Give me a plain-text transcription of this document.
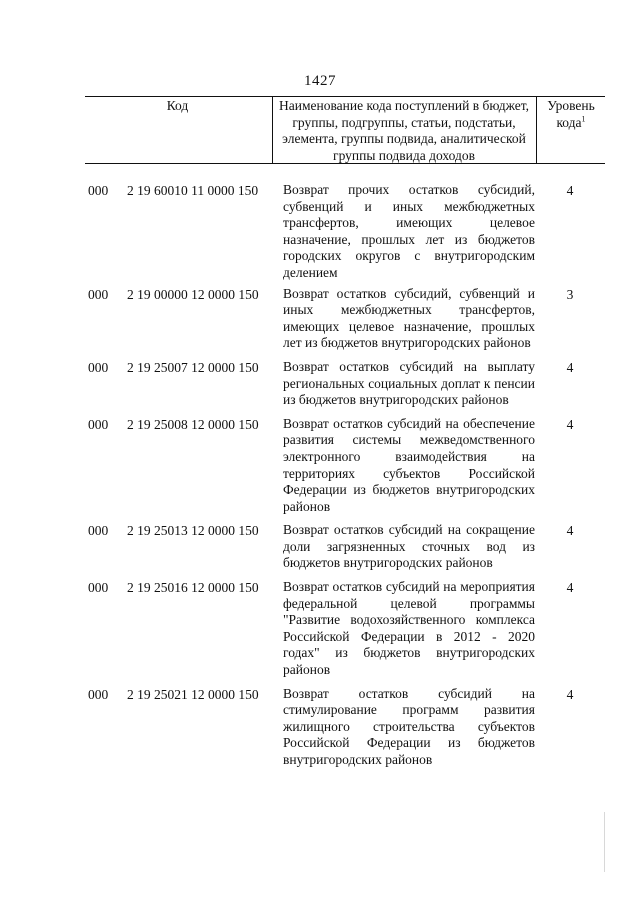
1427
Код	Наименование кода поступлений в бюджет, группы, подгруппы, статьи, подстатьи, элемента, группы подвида, аналитической группы подвида доходов
Уровень кода$^1$
000 2 19 60010 11 0000 150 Возврат прочих остатков субсидий, субвенций и иных межбюджетных трансфертов, имеющих целевое назначение, прошлых лет из бюджетов городских округов с внутригородским делением
4
000 2 19 00000 12 0000 150 Возврат остатков субсидий, субвенций и иных межбюджетных трансфертов, имеющих целевое назначение, прошлых лет из бюджетов внутригородских районов
3
000 2 19 25007 12 0000 150 Возврат остатков субсидий на выплату региональных социальных доплат к пенсии из бюджетов внутригородских районов
4
000 2 19 25008 12 0000 150 Возврат остатков субсидий на обеспечение развития системы межведомственного электронного взаимодействия на территориях субъектов Российской Федерации из бюджетов внутригородских районов
4
000 2 19 25013 12 0000 150 Возврат остатков субсидий на сокращение доли загрязненных сточных вод из бюджетов внутригородских районов
4
000 2 19 25016 12 0000 150 Возврат остатков субсидий на мероприятия федеральной целевой программы "Развитие водохозяйственного комплекса Российской Федерации в 2012 - 2020 годах" из бюджетов внутригородских районов
4
000 2 19 25021 12 0000 150 Возврат остатков субсидий на стимулирование программ развития жилищного строительства субъектов Российской Федерации из бюджетов внутригородских районов
4
